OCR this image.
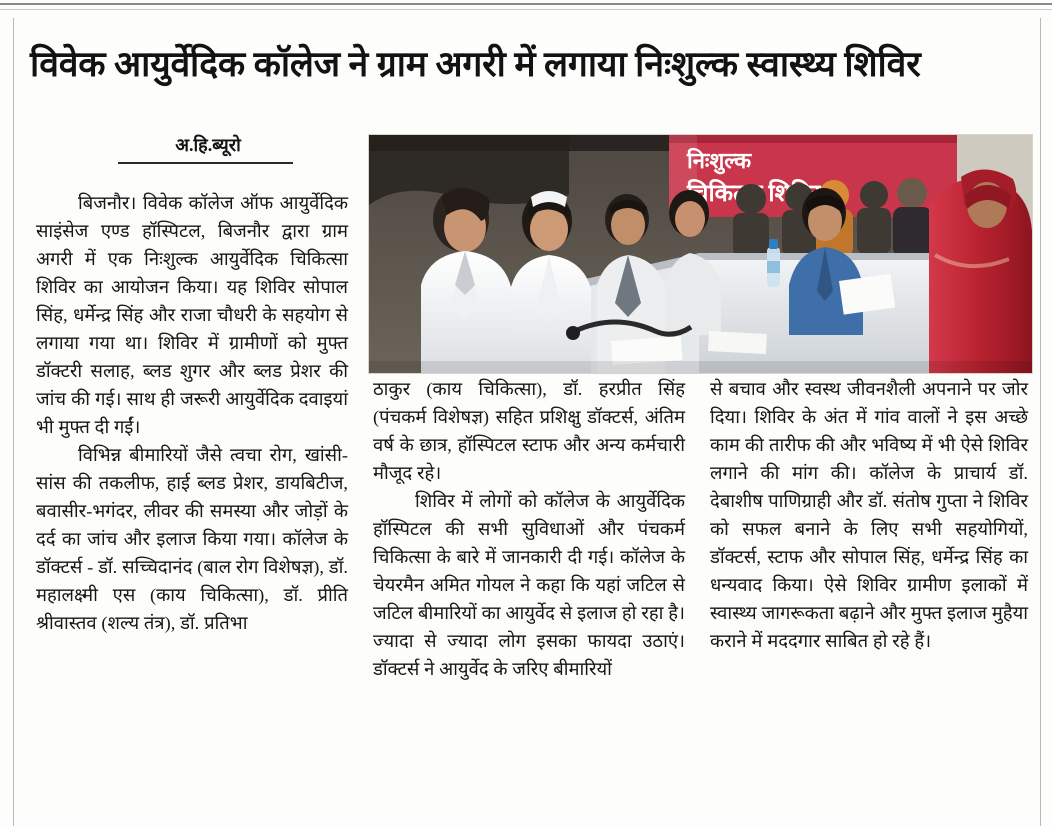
विवेक आयुर्वेदिक कॉलेज ने ग्राम अगरी में लगाया निःशुल्क स्वास्थ्य शिविर
अ.हि.ब्यूरो
निःशुल्क
चिकित्सा

बिजनौर। विवेक कॉलेज ऑफ आयुर्वेदिक साइंसेज एण्ड हॉस्पिटल, बिजनौर द्वारा ग्राम अगरी में एक निःशुल्क आयुर्वेदिक चिकित्सा शिविर का आयोजन किया। यह शिविर सोपाल सिंह, धर्मेन्द्र सिंह और राजा चौधरी के सहयोग से लगाया गया था। शिविर में ग्रामीणों को मुफ्त डॉक्टरी सलाह, ब्लड शुगर और ब्लड प्रेशर की जांच की गई। साथ ही जरूरी आयुर्वेदिक दवाइयां भी मुफ्त दी गईं।

विभिन्न बीमारियों जैसे त्वचा रोग, खांसी-सांस की तकलीफ, हाई ब्लड प्रेशर, डायबिटीज, बवासीर-भगंदर, लीवर की समस्या और जोड़ों के दर्द का जांच और इलाज किया गया। कॉलेज के डॉक्टर्स - डॉ. सच्चिदानंद (बाल रोग विशेषज्ञ), डॉ. महालक्ष्मी एस (काय चिकित्सा), डॉ. प्रीति श्रीवास्तव (शल्य तंत्र), डॉ. प्रतिभा

ठाकुर (काय चिकित्सा), डॉ. हरप्रीत सिंह (पंचकर्म विशेषज्ञ) सहित प्रशिक्षु डॉक्टर्स, अंतिम वर्ष के छात्र, हॉस्पिटल स्टाफ और अन्य कर्मचारी मौजूद रहे।

शिविर में लोगों को कॉलेज के आयुर्वेदिक हॉस्पिटल की सभी सुविधाओं और पंचकर्म चिकित्सा के बारे में जानकारी दी गई। कॉलेज के चेयरमैन अमित गोयल ने कहा कि यहां जटिल से जटिल बीमारियों का आयुर्वेद से इलाज हो रहा है। ज्यादा से ज्यादा लोग इसका फायदा उठाएं। डॉक्टर्स ने आयुर्वेद के जरिए बीमारियों

से बचाव और स्वस्थ जीवनशैली अपनाने पर जोर दिया। शिविर के अंत में गांव वालों ने इस अच्छे काम की तारीफ की और भविष्य में भी ऐसे शिविर लगाने की मांग की। कॉलेज के प्राचार्य डॉ. देबाशीष पाणिग्राही और डॉ. संतोष गुप्ता ने शिविर को सफल बनाने के लिए सभी सहयोगियों, डॉक्टर्स, स्टाफ और सोपाल सिंह, धर्मेन्द्र सिंह का धन्यवाद किया। ऐसे शिविर ग्रामीण इलाकों में स्वास्थ्य जागरूकता बढ़ाने और मुफ्त इलाज मुहैया कराने में मददगार साबित हो रहे हैं।
